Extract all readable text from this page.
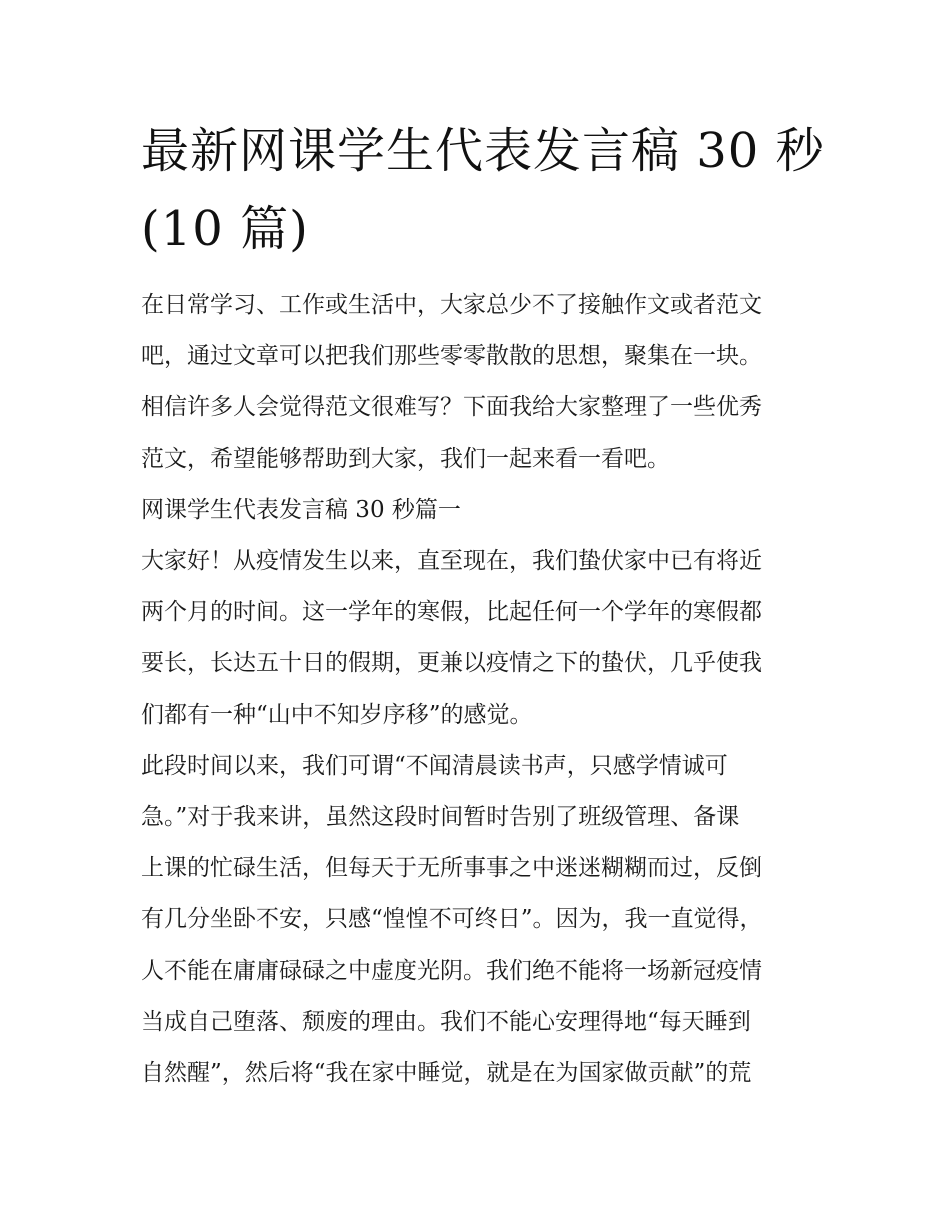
最新网课学生代表发言稿 30 秒
(10 篇)
在日常学习、工作或生活中，大家总少不了接触作文或者范文
吧，通过文章可以把我们那些零零散散的思想，聚集在一块。
相信许多人会觉得范文很难写？下面我给大家整理了一些优秀
范文，希望能够帮助到大家，我们一起来看一看吧。
网课学生代表发言稿 30 秒篇一
大家好！从疫情发生以来，直至现在，我们蛰伏家中已有将近
两个月的时间。这一学年的寒假，比起任何一个学年的寒假都
要长，长达五十日的假期，更兼以疫情之下的蛰伏，几乎使我
们都有一种“山中不知岁序移”的感觉。
此段时间以来，我们可谓“不闻清晨读书声，只感学情诚可
急。”对于我来讲，虽然这段时间暂时告别了班级管理、备课
上课的忙碌生活，但每天于无所事事之中迷迷糊糊而过，反倒
有几分坐卧不安，只感“惶惶不可终日”。因为，我一直觉得，
人不能在庸庸碌碌之中虚度光阴。我们绝不能将一场新冠疫情
当成自己堕落、颓废的理由。我们不能心安理得地“每天睡到
自然醒”，然后将“我在家中睡觉，就是在为国家做贡献”的荒
